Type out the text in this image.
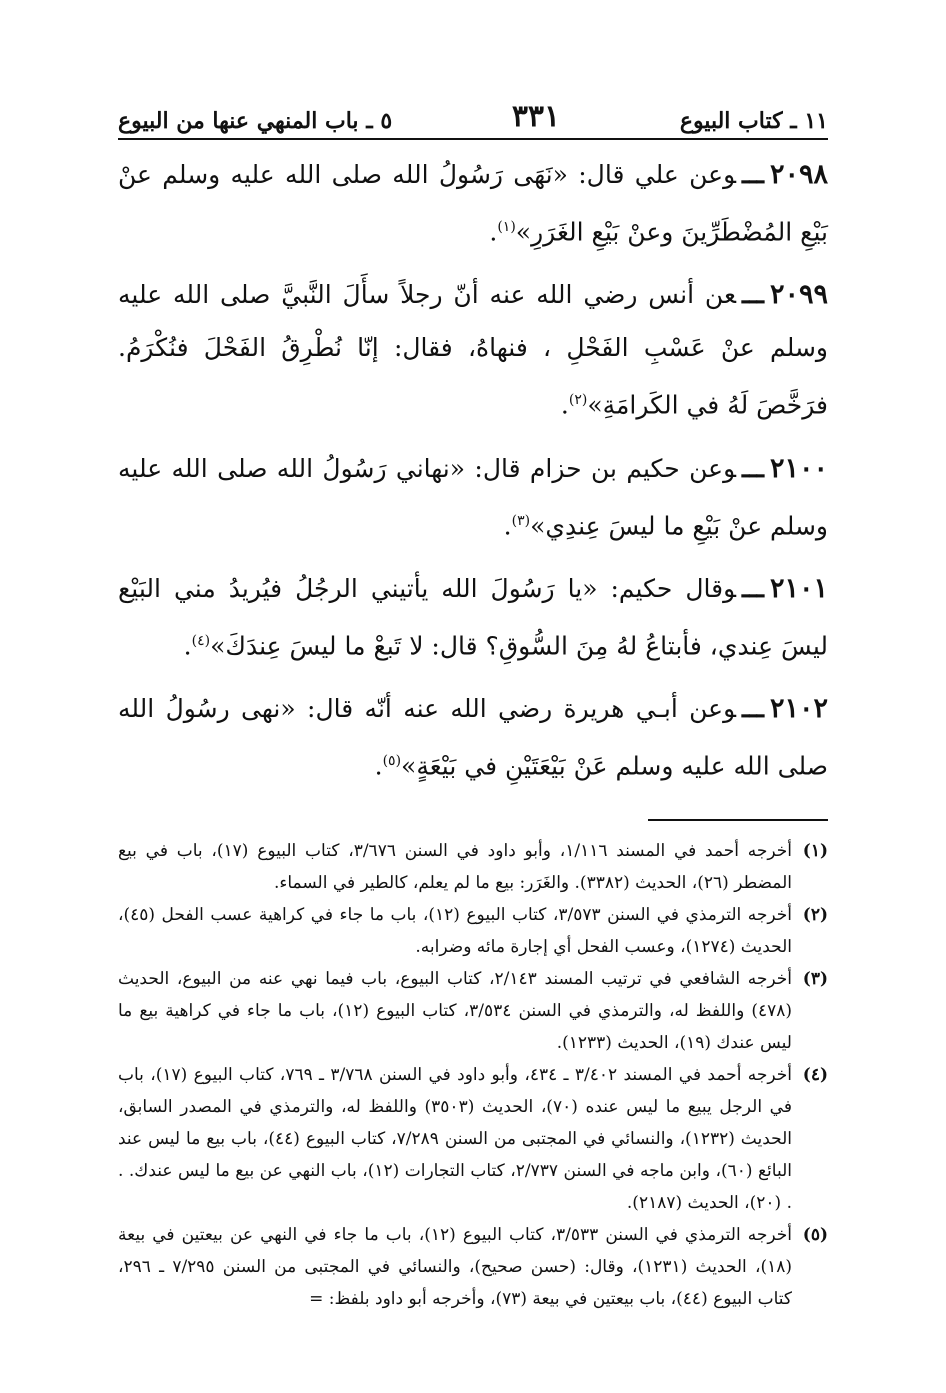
١١ ـ كتاب البيوع
٣٣١
٥ ـ باب المنهي عنها من البيوع
٢٠٩٨ـــوعن علي قال: «نَهَى رَسُولُ الله صلى الله عليه وسلم عنْ بَيْعِ المُضْطَرِّينَ وعنْ بَيْعِ الغَرَرِ»$^{(١)}$.
٢٠٩٩ـــعن أنس رضي الله عنه أنّ رجلاً سأَلَ النَّبيَّ صلى الله عليه وسلم عنْ عَسْبِ الفَحْلِ ، فنهاهُ، فقال: إنّا نُطْرِقُ الفَحْلَ فنُكْرَمُ. فرَخَّصَ لَهُ في الكَرامَةِ»$^{(٢)}$.
٢١٠٠ـــوعن حكيم بن حزام قال: «نهاني رَسُولُ الله صلى الله عليه وسلم عنْ بَيْعِ ما ليسَ عِندِي»$^{(٣)}$.
٢١٠١ـــوقال حكيم: «يا رَسُولَ الله يأتيني الرجُلُ فيُريدُ مني البَيْع ليسَ عِندي، فأبتاعُ لهُ مِنَ السُّوقِ؟ قال: لا تَبعْ ما ليسَ عِندَكَ»$^{(٤)}$.
٢١٠٢ـــوعن أبـي هريرة رضي الله عنه أنّه قال: «نهى رسُولُ الله صلى الله عليه وسلم عَنْ بَيْعَتَيْنِ في بَيْعَةٍ»$^{(٥)}$.
(١)
أخرجه أحمد في المسند ١/١١٦، وأبو داود في السنن ٣/٦٧٦، كتاب البيوع (١٧)، باب في بيع المضطر (٢٦)، الحديث (٣٣٨٢). والغَرَر: بيع ما لم يعلم، كالطير في السماء.
(٢)
أخرجه الترمذي في السنن ٣/٥٧٣، كتاب البيوع (١٢)، باب ما جاء في كراهية عسب الفحل (٤٥)، الحديث (١٢٧٤)، وعسب الفحل أي إجارة مائه وضرابه.
(٣)
أخرجه الشافعي في ترتيب المسند ٢/١٤٣، كتاب البيوع، باب فيما نهي عنه من البيوع، الحديث (٤٧٨) واللفظ له، والترمذي في السنن ٣/٥٣٤، كتاب البيوع (١٢)، باب ما جاء في كراهية بيع ما ليس عندك (١٩)، الحديث (١٢٣٣).
(٤)
أخرجه أحمد في المسند ٣/٤٠٢ ـ ٤٣٤، وأبو داود في السنن ٣/٧٦٨ ـ ٧٦٩، كتاب البيوع (١٧)، باب في الرجل يبيع ما ليس عنده (٧٠)، الحديث (٣٥٠٣) واللفظ له، والترمذي في المصدر السابق، الحديث (١٢٣٢)، والنسائي في المجتبى من السنن ٧/٢٨٩، كتاب البيوع (٤٤)، باب بيع ما ليس عند البائع (٦٠)، وابن ماجه في السنن ٢/٧٣٧، كتاب التجارات (١٢)، باب النهي عن بيع ما ليس عندك. . . (٢٠)، الحديث (٢١٨٧).
(٥)
أخرجه الترمذي في السنن ٣/٥٣٣، كتاب البيوع (١٢)، باب ما جاء في النهي عن بيعتين في بيعة (١٨)، الحديث (١٢٣١)، وقال: (حسن صحيح)، والنسائي في المجتبى من السنن ٧/٢٩٥ ـ ٢٩٦، كتاب البيوع (٤٤)، باب بيعتين في بيعة (٧٣)، وأخرجه أبو داود بلفظ: =
